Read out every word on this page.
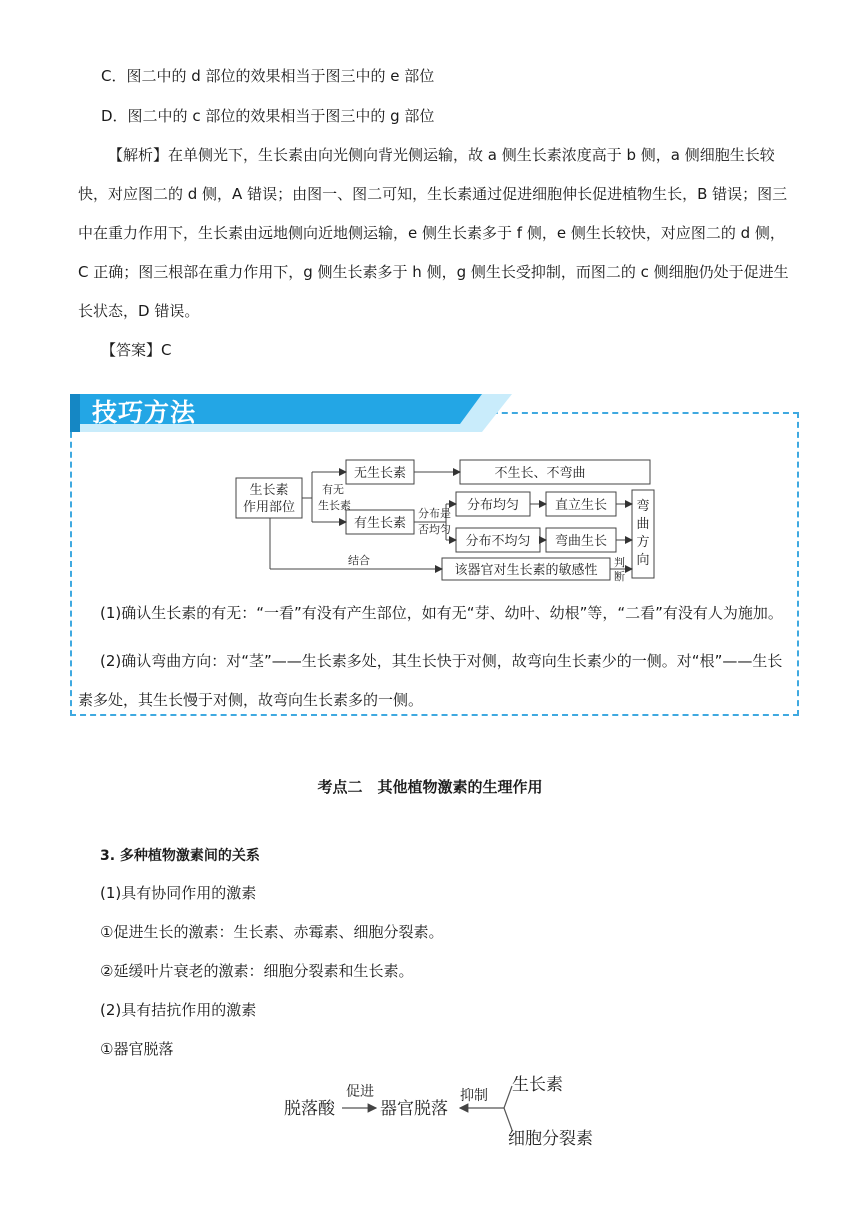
C．图二中的 d 部位的效果相当于图三中的 e 部位
D．图二中的 c 部位的效果相当于图三中的 g 部位
【解析】在单侧光下，生长素由向光侧向背光侧运输，故 a 侧生长素浓度高于 b 侧，a 侧细胞生长较快，对应图二的 d 侧，A 错误；由图一、图二可知，生长素通过促进细胞伸长促进植物生长，B 错误；图三中在重力作用下，生长素由远地侧向近地侧运输，e 侧生长素多于 f 侧，e 侧生长较快，对应图二的 d 侧，C 正确；图三根部在重力作用下，g 侧生长素多于 h 侧，g 侧生长受抑制，而图二的 c 侧细胞仍处于促进生长状态，D 错误。
【答案】C
技巧方法
生长素
作用部位
无生长素	不生长、不弯曲
有生长素
分布均匀	直立生长
分布不均匀 弯曲生长
该器官对生长素的敏感性
弯
曲
方
向
有无
生长素
分布是
否均匀
结合	判
断
(1)确认生长素的有无：“一看”有没有产生部位，如有无“芽、幼叶、幼根”等，“二看”有没有人为施加。
(2)确认弯曲方向：对“茎”——生长素多处，其生长快于对侧，故弯向生长素少的一侧。对“根”——生长素多处，其生长慢于对侧，故弯向生长素多的一侧。
考点二　其他植物激素的生理作用
3. 多种植物激素间的关系
(1)具有协同作用的激素
①促进生长的激素：生长素、赤霉素、细胞分裂素。
②延缓叶片衰老的激素：细胞分裂素和生长素。
(2)具有拮抗作用的激素
①器官脱落
脱落酸
促进
器官脱落
抑制
生长素
细胞分裂素
